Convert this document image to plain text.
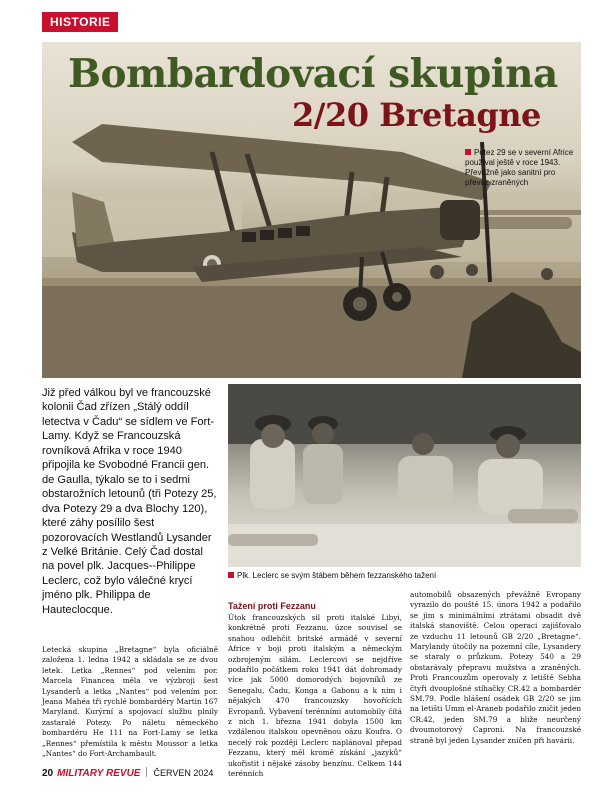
HISTORIE
Bombardovací skupina
2/20 Bretagne
Potez 29 se v severní Africe používal ještě v roce 1943. Převážně jako sanitní pro převoz zraněných

Již před válkou byl ve francouzské kolonii Čad zřízen „Stálý oddíl letectva v Čadu“ se sídlem ve Fort-Lamy. Když se Francouzská rovníková Afrika v roce 1940 připojila ke Svobodné Francii gen. de Gaulla, týkalo se to i sedmi obstarožních letounů (tři Potezy 25, dva Potezy 29 a dva Blochy 120), které záhy posílilo šest pozorovacích Westlandů Lysander z Velké Británie. Celý Čad dostal na povel plk. Jacques--Philippe Leclerc, což bylo válečné krycí jméno plk. Philippa de Hauteclocque.

Plk. Leclerc se svým štábem během fezzanského tažení

Letecká skupina „Bretagne“ byla oficiálně založena 1. ledna 1942 a skládala se ze dvou letek. Letka „Rennes“ pod velením por. Marcela Financea měla ve výzbroji šest Lysanderů a letka „Nantes“ pod velením por. Jeana Mahéa tři rychlé bombardéry Martin 167 Maryland. Kurýrní a spojovací službu plnily zastaralé Potezy. Po náletu německého bombardéru He 111 na Fort-Lamy se letka „Rennes“ přemístila k městu Moussor a letka „Nantes“ do Fort-Archambault.

Tažení proti Fezzanu

Útok francouzských sil proti italské Libyi, konkrétně proti Fezzanu, úzce souvisel se snahou odlehčit britské armádě v severní Africe v boji proti italským a německým ozbrojeným silám. Leclercovi se nejdříve podařilo počátkem roku 1941 dát dohromady více jak 5000 domorodých bojovníků ze Senegalu, Čadu, Konga a Gabonu a k nim i nějakých 470 francouzsky hovořících Evropanů. Vybavení terénními automobily čítá z nich 1. března 1941 dobyla 1500 km vzdálenou italskou opevněnou oázu Koufra. O necelý rok později Leclerc naplánoval přepad Fezzanu, který měl kromě získání „jazyků“ ukořistit i nějaké zásoby benzínu. Celkem 144 terénních

automobilů obsazených převážně Evropany vyrazilo do pouště 15. února 1942 a podařilo se jim s minimálními ztrátami obsadit dvě italská stanoviště. Celou operaci zajišťovalo ze vzduchu 11 letounů GB 2/20 „Bretagne“. Marylandy útočily na pozemní cíle, Lysandery se staraly o průzkum. Potezy 540 a 29 obstarávaly přepravu mužstva a zraněných. Proti Francouzům operovaly z letiště Sebha čtyři dvouplošné stíhačky CR.42 a bombardér SM.79. Podle hlášení osádek GB 2/20 se jim na letišti Umm el-Araneb podařilo zničit jeden CR.42, jeden SM.79 a bliže neurčený dvoumotorový Caproni. Na francouzské straně byl jeden Lysander zničen při havárii.

20 MILITARY REVUE ČERVEN 2024
